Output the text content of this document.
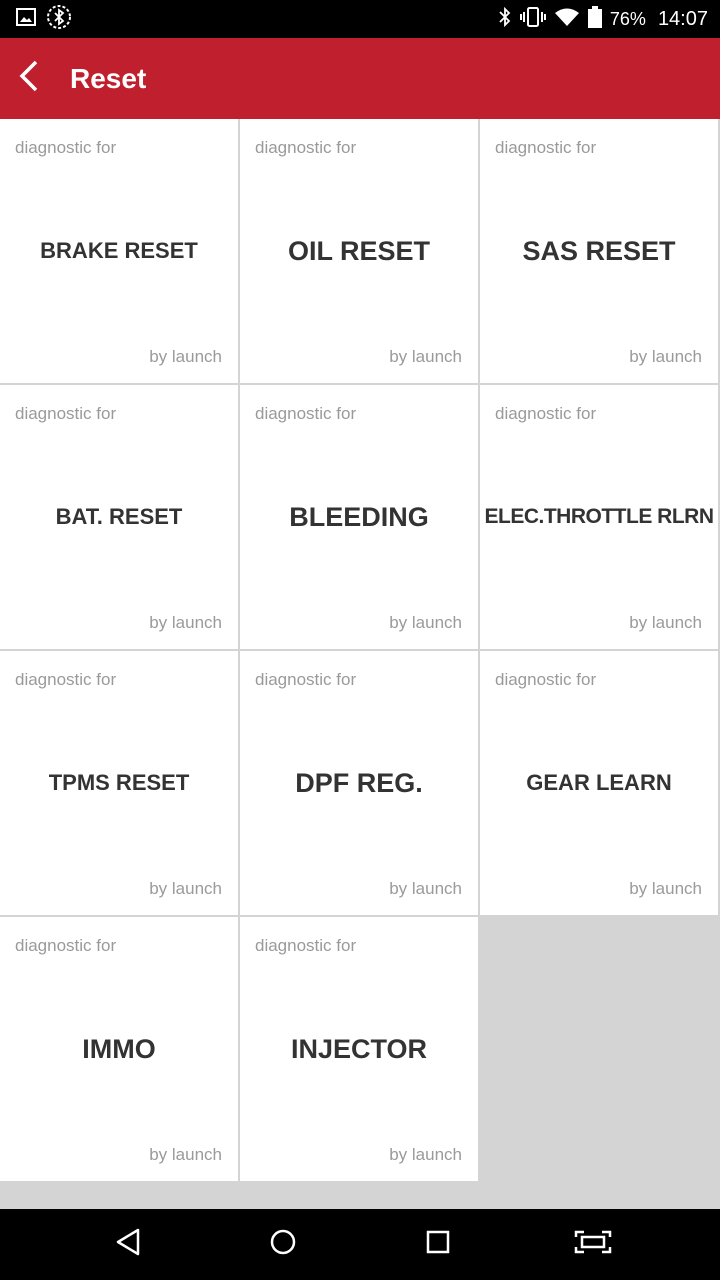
76% 14:07
Reset
diagnostic for
BRAKE RESET
by launch
diagnostic for
OIL RESET
by launch
diagnostic for
SAS RESET
by launch
diagnostic for
BAT. RESET
by launch
diagnostic for
BLEEDING
by launch
diagnostic for
ELEC.THROTTLE RLRN
by launch
diagnostic for
TPMS RESET
by launch
diagnostic for
DPF REG.
by launch
diagnostic for
GEAR LEARN
by launch
diagnostic for
IMMO
by launch
diagnostic for
INJECTOR
by launch
